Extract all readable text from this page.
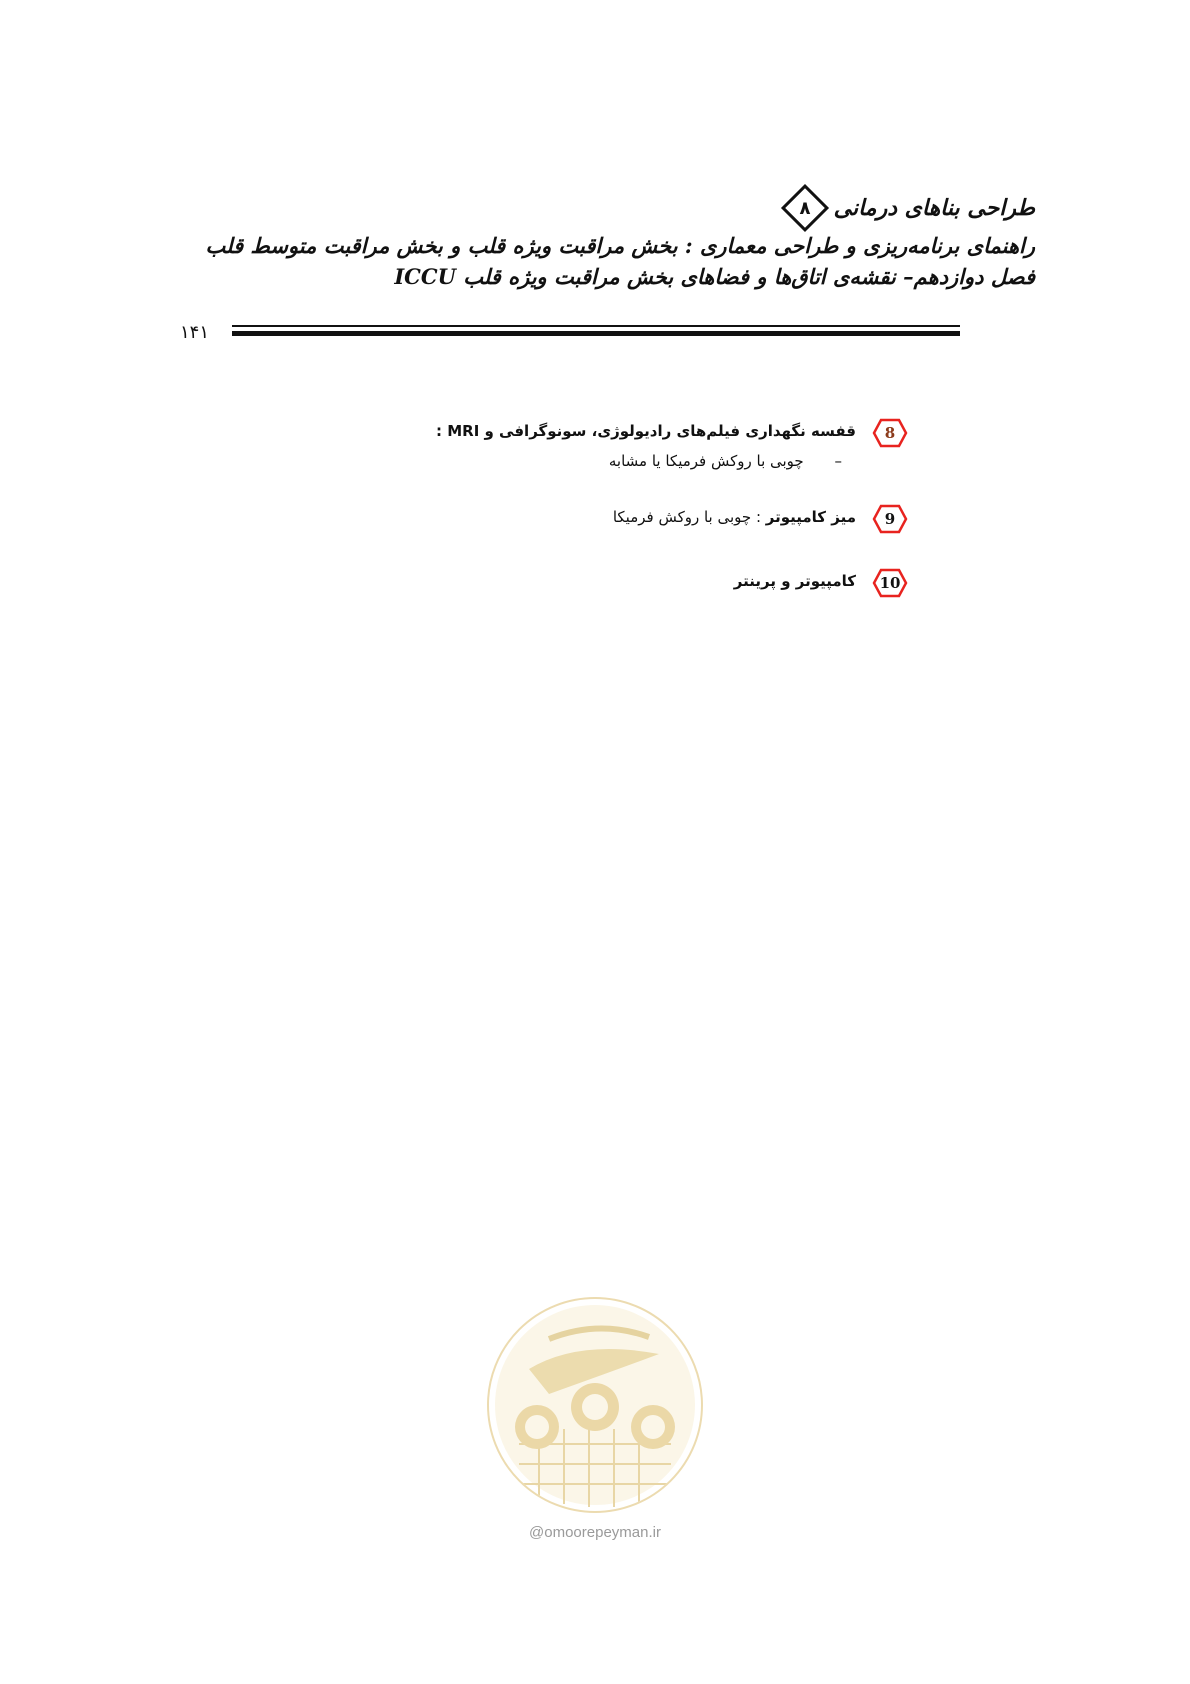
طراحی بناهای درمانی
۸
راهنمای برنامه‌ریزی و طراحی معماری : بخش مراقبت ویژه قلب و بخش مراقبت متوسط قلب
فصل دوازدهم– نقشه‌ی اتاق‌ها و فضاهای بخش مراقبت ویژه قلب ICCU
۱۴۱
8
قفسه نگهداری فیلم‌های رادیولوژی، سونوگرافی و MRI :
– چوبی با روکش فرمیکا یا مشابه
9
میز کامپیوتر : چوبی با روکش فرمیکا
10
کامپیوتر و پرینتر
@omoorepeyman.ir
